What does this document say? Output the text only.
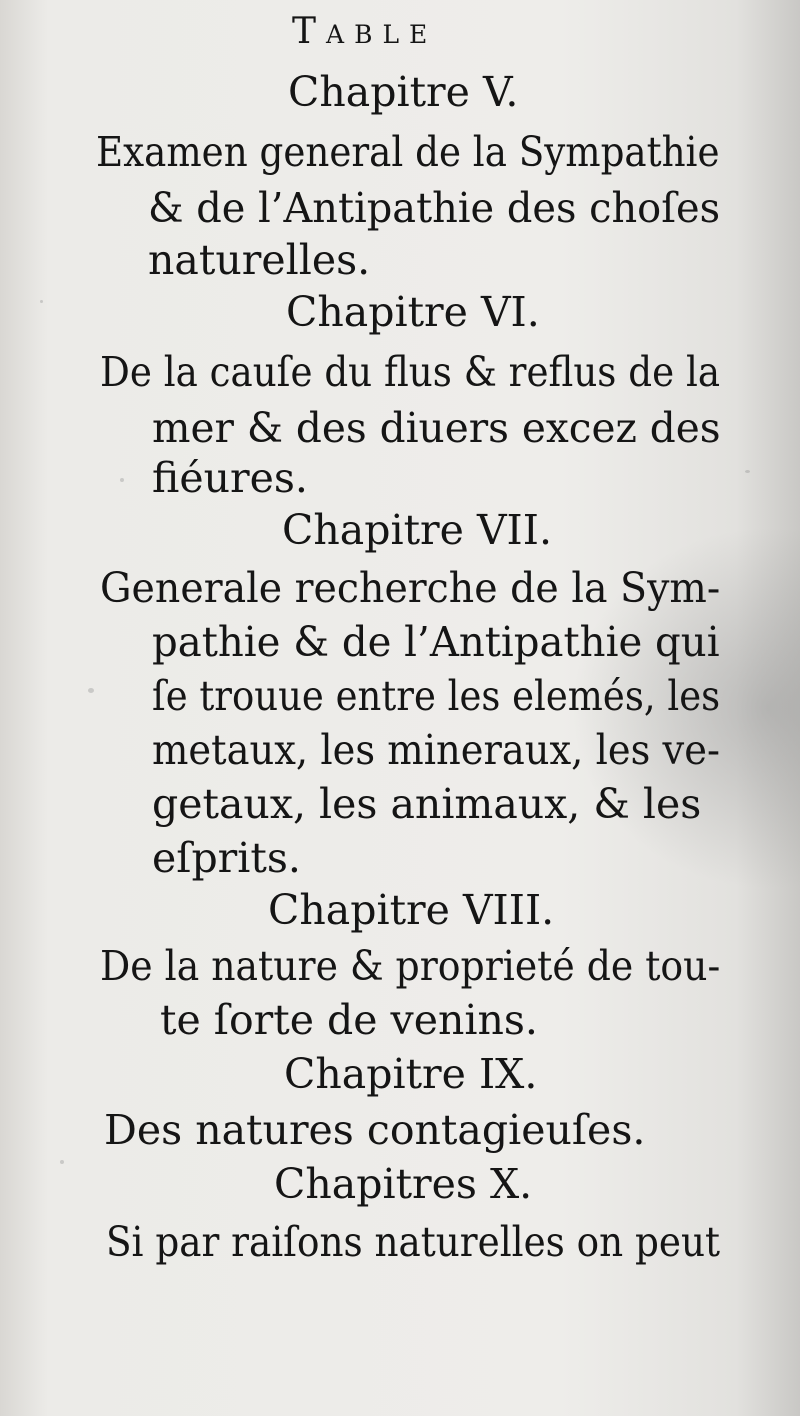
Table
Chapitre V.
Examen general de la Sympathie
& de l’Antipathie des choſes
naturelles.
Chapitre VI.
De la cauſe du flus & reflus de la
mer & des diuers excez des
fiéures.
Chapitre VII.
Generale recherche de la Sym-
pathie & de l’Antipathie qui
ſe trouue entre les elemés, les
metaux, les mineraux, les ve-
getaux, les animaux, & les
eſprits.
Chapitre VIII.
De la nature & proprieté de tou-
te ſorte de venins.
Chapitre IX.
Des natures contagieuſes.
Chapitres X.
Si par raiſons naturelles on peut
